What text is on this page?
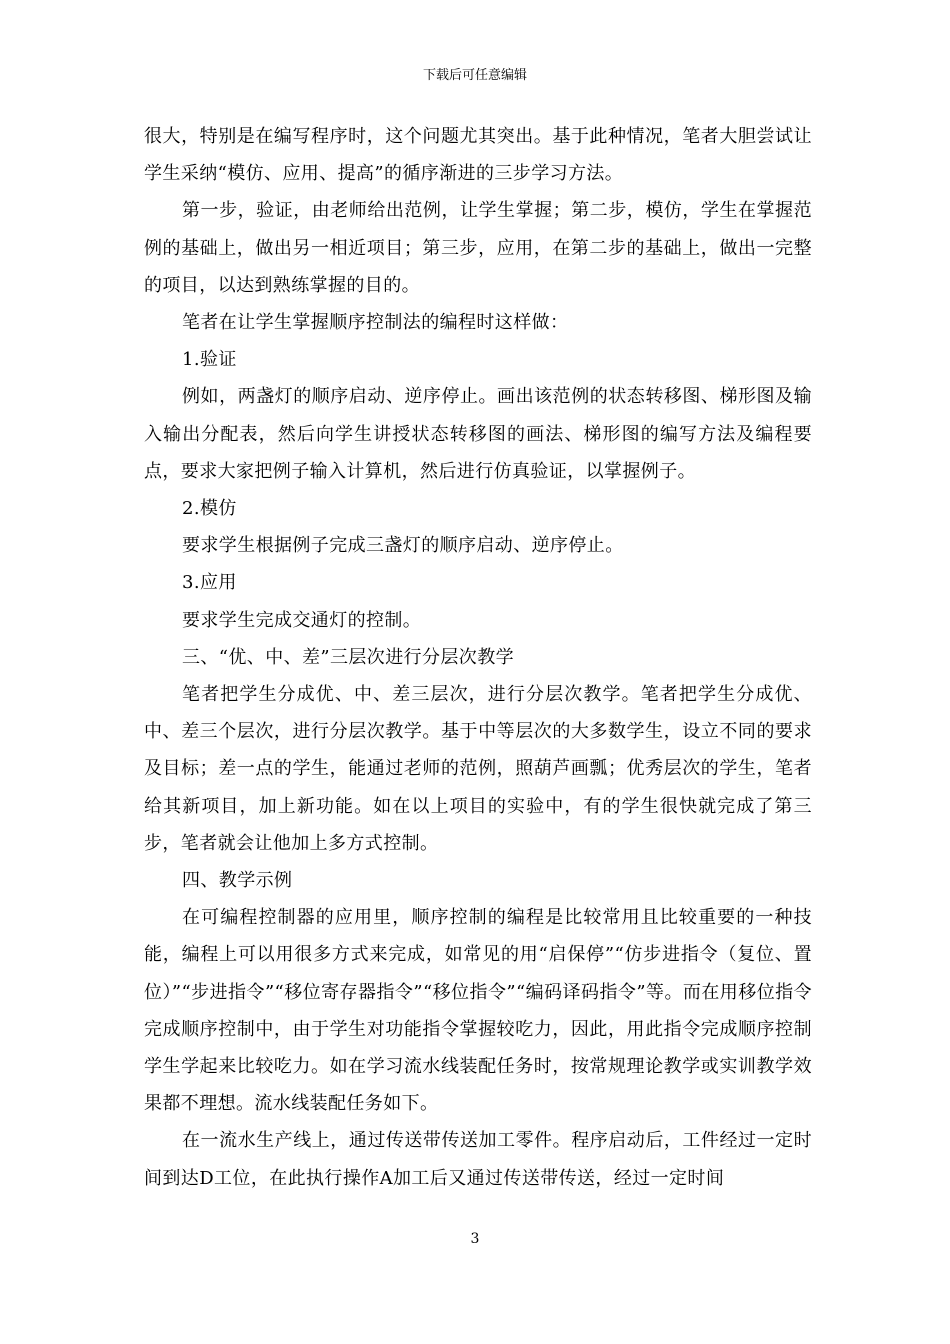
下载后可任意编辑

很大，特别是在编写程序时，这个问题尤其突出。基于此种情况，笔者大胆尝试让学生采纳“模仿、应用、提高”的循序渐进的三步学习方法。

第一步，验证，由老师给出范例，让学生掌握；第二步，模仿，学生在掌握范例的基础上，做出另一相近项目；第三步，应用，在第二步的基础上，做出一完整的项目，以达到熟练掌握的目的。

笔者在让学生掌握顺序控制法的编程时这样做：

1.验证

例如，两盏灯的顺序启动、逆序停止。画出该范例的状态转移图、梯形图及输入输出分配表，然后向学生讲授状态转移图的画法、梯形图的编写方法及编程要点，要求大家把例子输入计算机，然后进行仿真验证，以掌握例子。

2.模仿

要求学生根据例子完成三盏灯的顺序启动、逆序停止。

3.应用

要求学生完成交通灯的控制。

三、“优、中、差”三层次进行分层次教学

笔者把学生分成优、中、差三层次，进行分层次教学。笔者把学生分成优、中、差三个层次，进行分层次教学。基于中等层次的大多数学生，设立不同的要求及目标；差一点的学生，能通过老师的范例，照葫芦画瓢；优秀层次的学生，笔者给其新项目，加上新功能。如在以上项目的实验中，有的学生很快就完成了第三步，笔者就会让他加上多方式控制。

四、教学示例

在可编程控制器的应用里，顺序控制的编程是比较常用且比较重要的一种技能，编程上可以用很多方式来完成，如常见的用“启保停”“仿步进指令（复位、置位）”“步进指令”“移位寄存器指令”“移位指令”“编码译码指令”等。而在用移位指令完成顺序控制中，由于学生对功能指令掌握较吃力，因此，用此指令完成顺序控制学生学起来比较吃力。如在学习流水线装配任务时，按常规理论教学或实训教学效果都不理想。流水线装配任务如下。

在一流水生产线上，通过传送带传送加工零件。程序启动后，工件经过一定时间到达D工位，在此执行操作A加工后又通过传送带传送，经过一定时间

3
